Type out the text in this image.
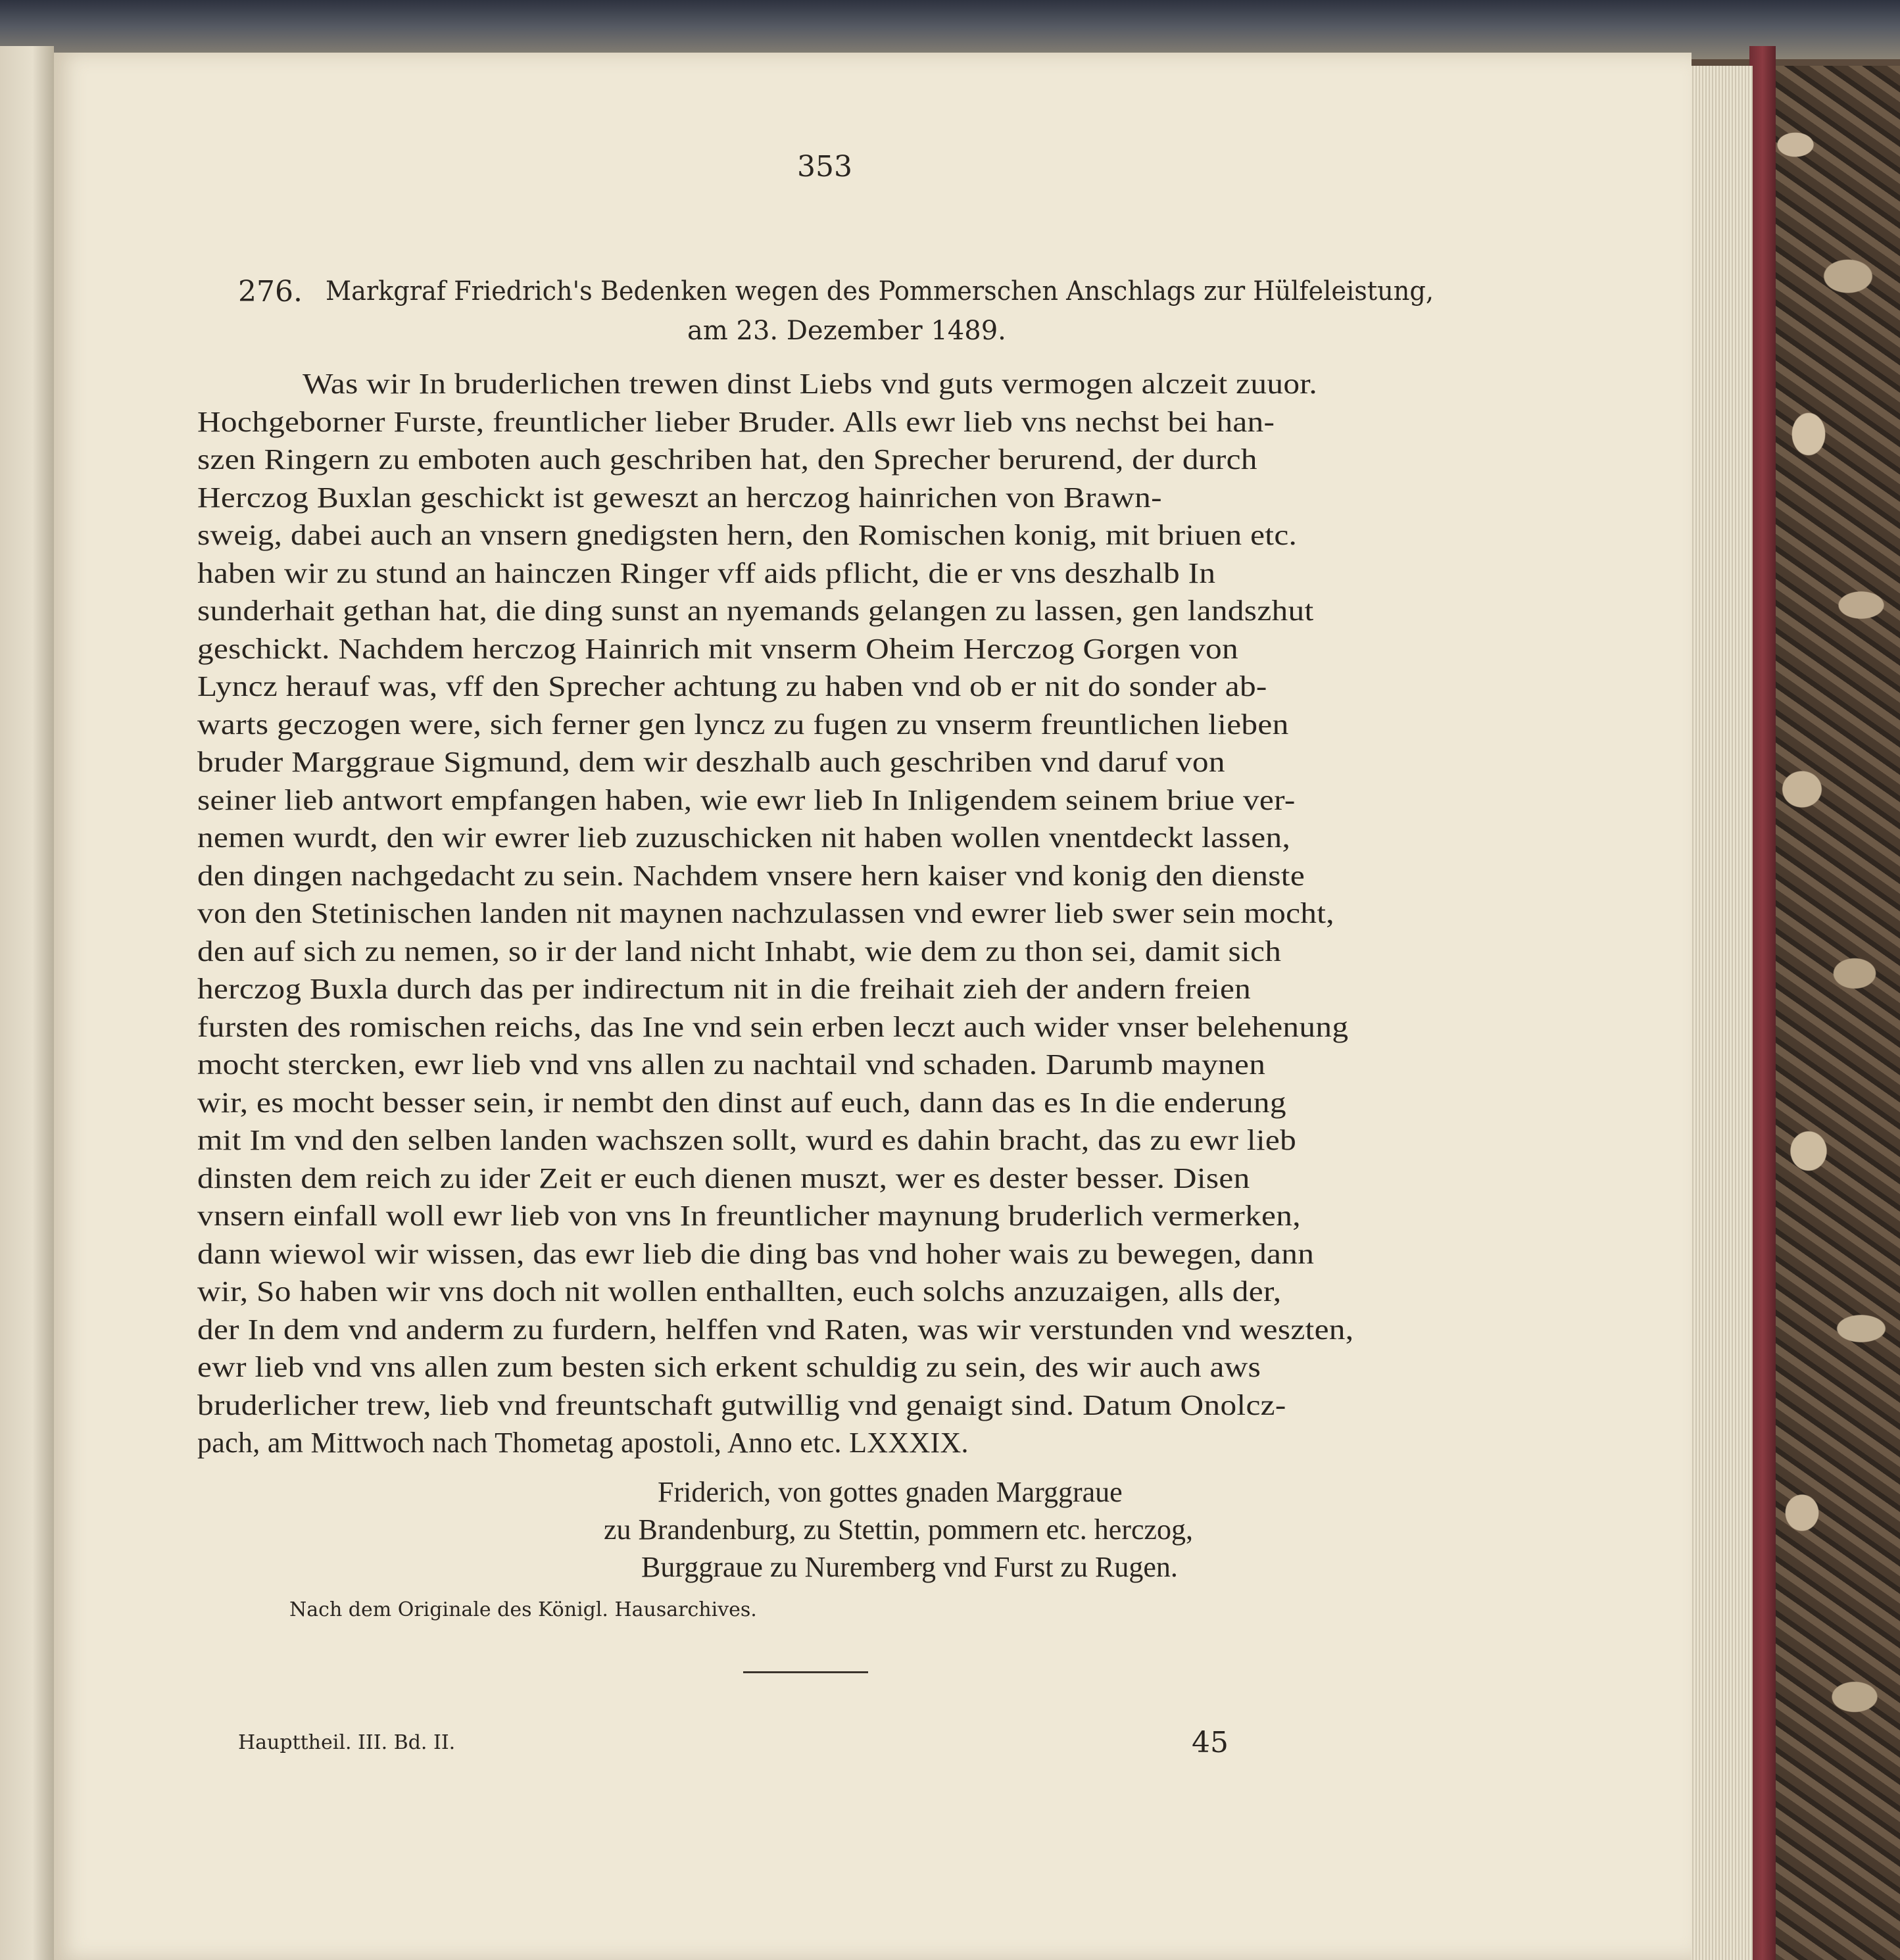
353
276. Markgraf Friedrich's Bedenken wegen des Pommerschen Anschlags zur Hülfeleistung,
am 23. Dezember 1489.
Was wir In bruderlichen trewen dinst Liebs vnd guts vermogen alczeit zuuor.
Hochgeborner Furste, freuntlicher lieber Bruder. Alls ewr lieb vns nechst bei han-
szen Ringern zu emboten auch geschriben hat, den Sprecher berurend, der durch
Herczog Buxlan geschickt ist geweszt an herczog hainrichen von Brawn-
sweig, dabei auch an vnsern gnedigsten hern, den Romischen konig, mit briuen etc.
haben wir zu stund an hainczen Ringer vff aids pflicht, die er vns deszhalb In
sunderhait gethan hat, die ding sunst an nyemands gelangen zu lassen, gen landszhut
geschickt. Nachdem herczog Hainrich mit vnserm Oheim Herczog Gorgen von
Lyncz herauf was, vff den Sprecher achtung zu haben vnd ob er nit do sonder ab-
warts geczogen were, sich ferner gen lyncz zu fugen zu vnserm freuntlichen lieben
bruder Marggraue Sigmund, dem wir deszhalb auch geschriben vnd daruf von
seiner lieb antwort empfangen haben, wie ewr lieb In Inligendem seinem briue ver-
nemen wurdt, den wir ewrer lieb zuzuschicken nit haben wollen vnentdeckt lassen,
den dingen nachgedacht zu sein. Nachdem vnsere hern kaiser vnd konig den dienste
von den Stetinischen landen nit maynen nachzulassen vnd ewrer lieb swer sein mocht,
den auf sich zu nemen, so ir der land nicht Inhabt, wie dem zu thon sei, damit sich
herczog Buxla durch das per indirectum nit in die freihait zieh der andern freien
fursten des romischen reichs, das Ine vnd sein erben leczt auch wider vnser belehenung
mocht stercken, ewr lieb vnd vns allen zu nachtail vnd schaden. Darumb maynen
wir, es mocht besser sein, ir nembt den dinst auf euch, dann das es In die enderung
mit Im vnd den selben landen wachszen sollt, wurd es dahin bracht, das zu ewr lieb
dinsten dem reich zu ider Zeit er euch dienen muszt, wer es dester besser. Disen
vnsern einfall woll ewr lieb von vns In freuntlicher maynung bruderlich vermerken,
dann wiewol wir wissen, das ewr lieb die ding bas vnd hoher wais zu bewegen, dann
wir, So haben wir vns doch nit wollen enthallten, euch solchs anzuzaigen, alls der,
der In dem vnd anderm zu furdern, helffen vnd Raten, was wir verstunden vnd weszten,
ewr lieb vnd vns allen zum besten sich erkent schuldig zu sein, des wir auch aws
bruderlicher trew, lieb vnd freuntschaft gutwillig vnd genaigt sind. Datum Onolcz-
pach, am Mittwoch nach Thometag apostoli, Anno etc. LXXXIX.
Friderich, von gottes gnaden Marggraue
zu Brandenburg, zu Stettin, pommern etc. herczog,
Burggraue zu Nuremberg vnd Furst zu Rugen.
Nach dem Originale des Königl. Hausarchives.
Haupttheil. III. Bd. II.	45
